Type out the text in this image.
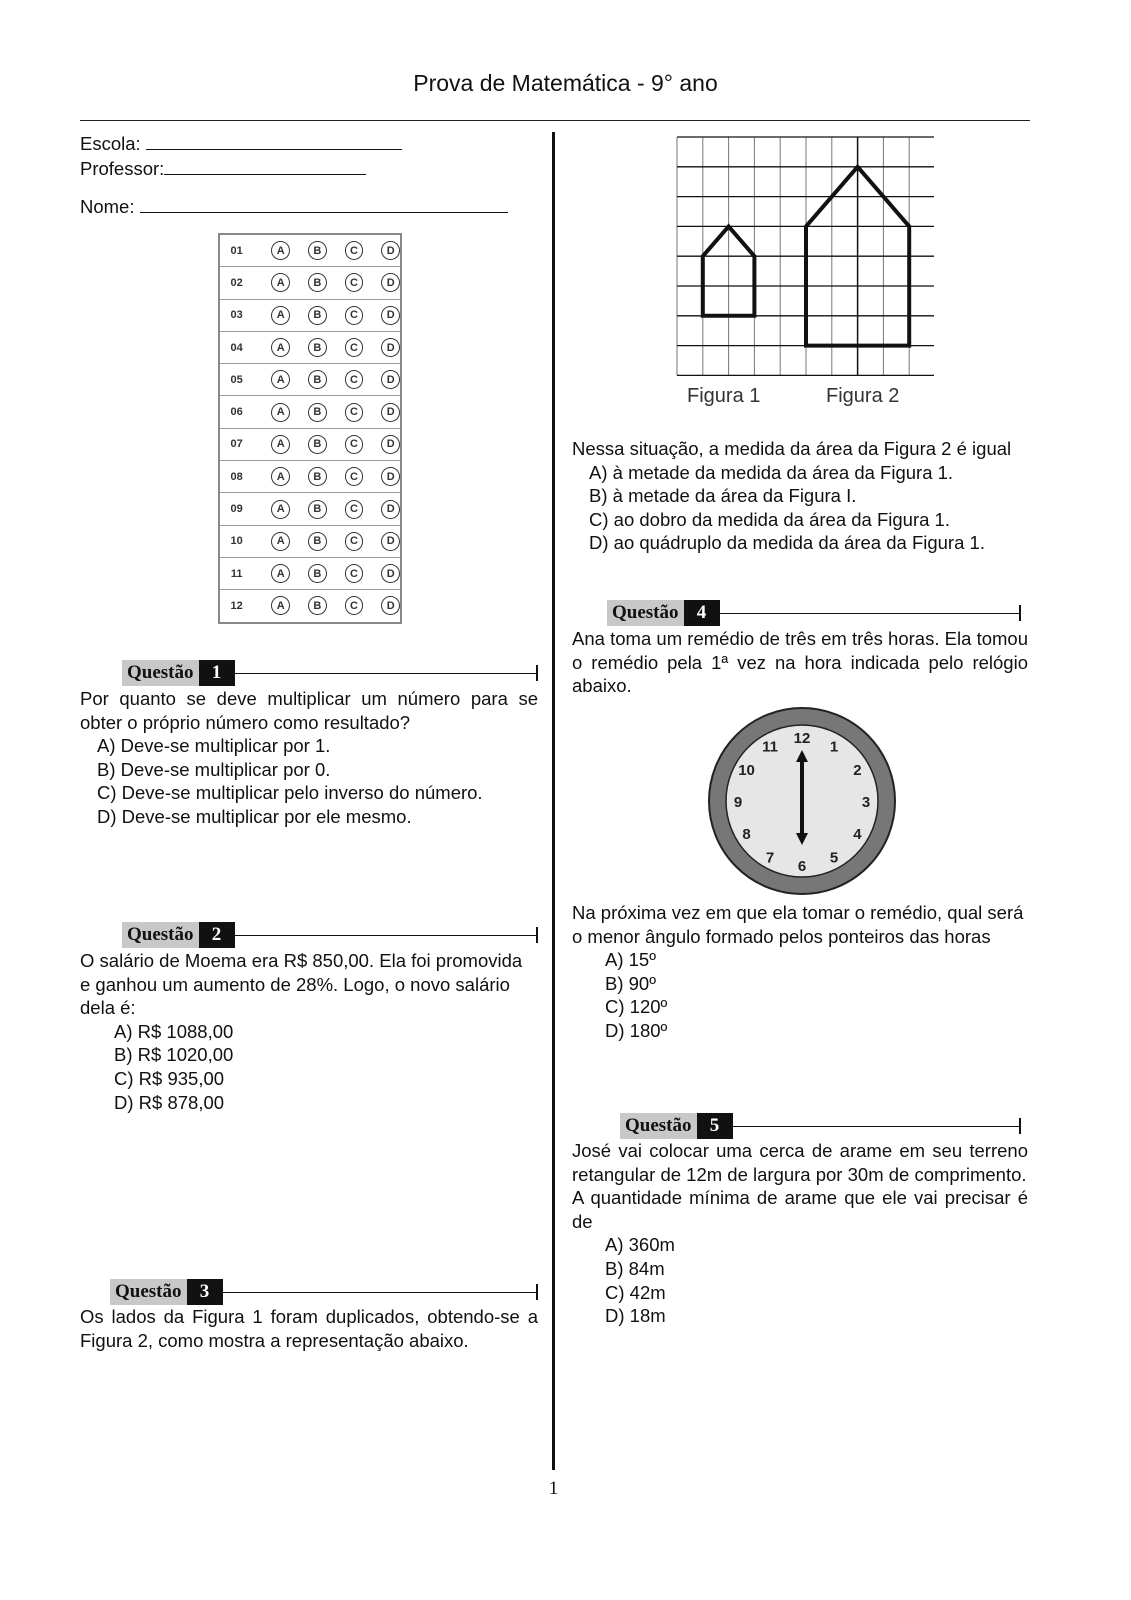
Prova de Matemática - 9° ano
Escola:
Professor:
Nome:
01	A	B	C	D
02	A	B	C	D
03	A	B	C	D
04	A	B	C	D
05	A	B	C	D
06	A	B	C	D
07	A	B	C	D
08	A	B	C	D
09	A	B	C	D
10	A	B	C	D
11	A	B	C	D
12	A	B	C	D
Questão 1
Por quanto se deve multiplicar um número para se obter o próprio número como resultado?
A) Deve-se multiplicar por 1.
B) Deve-se multiplicar por 0.
C) Deve-se multiplicar pelo inverso do número.
D) Deve-se multiplicar por ele mesmo.
Questão 2
O salário de Moema era R$ 850,00. Ela foi promovida e ganhou um aumento de 28%. Logo, o novo salário dela é:
A) R$ 1088,00
B) R$ 1020,00
C) R$ 935,00
D) R$ 878,00
Questão 3
Os lados da Figura 1 foram duplicados, obtendo-se a Figura 2, como mostra a representação abaixo.
Figura 1	Figura 2
Nessa situação, a medida da área da Figura 2 é igual
A) à metade da medida da área da Figura 1.
B) à metade da área da Figura I.
C) ao dobro da medida da área da Figura 1.
D) ao quádruplo da medida da área da Figura 1.
Questão 4
Ana toma um remédio de três em três horas. Ela tomou o remédio pela 1ª vez na hora indicada pelo relógio abaixo.
12
1
2
3
4
5
6
7
8
9
10
11
Na próxima vez em que ela tomar o remédio, qual será o menor ângulo formado pelos ponteiros das horas
A) 15º
B) 90º
C) 120º
D) 180º
Questão 5
José vai colocar uma cerca de arame em seu terreno retangular de 12m de largura por 30m de comprimento.
A quantidade mínima de arame que ele vai precisar é de
A) 360m
B) 84m
C) 42m
D) 18m
1
